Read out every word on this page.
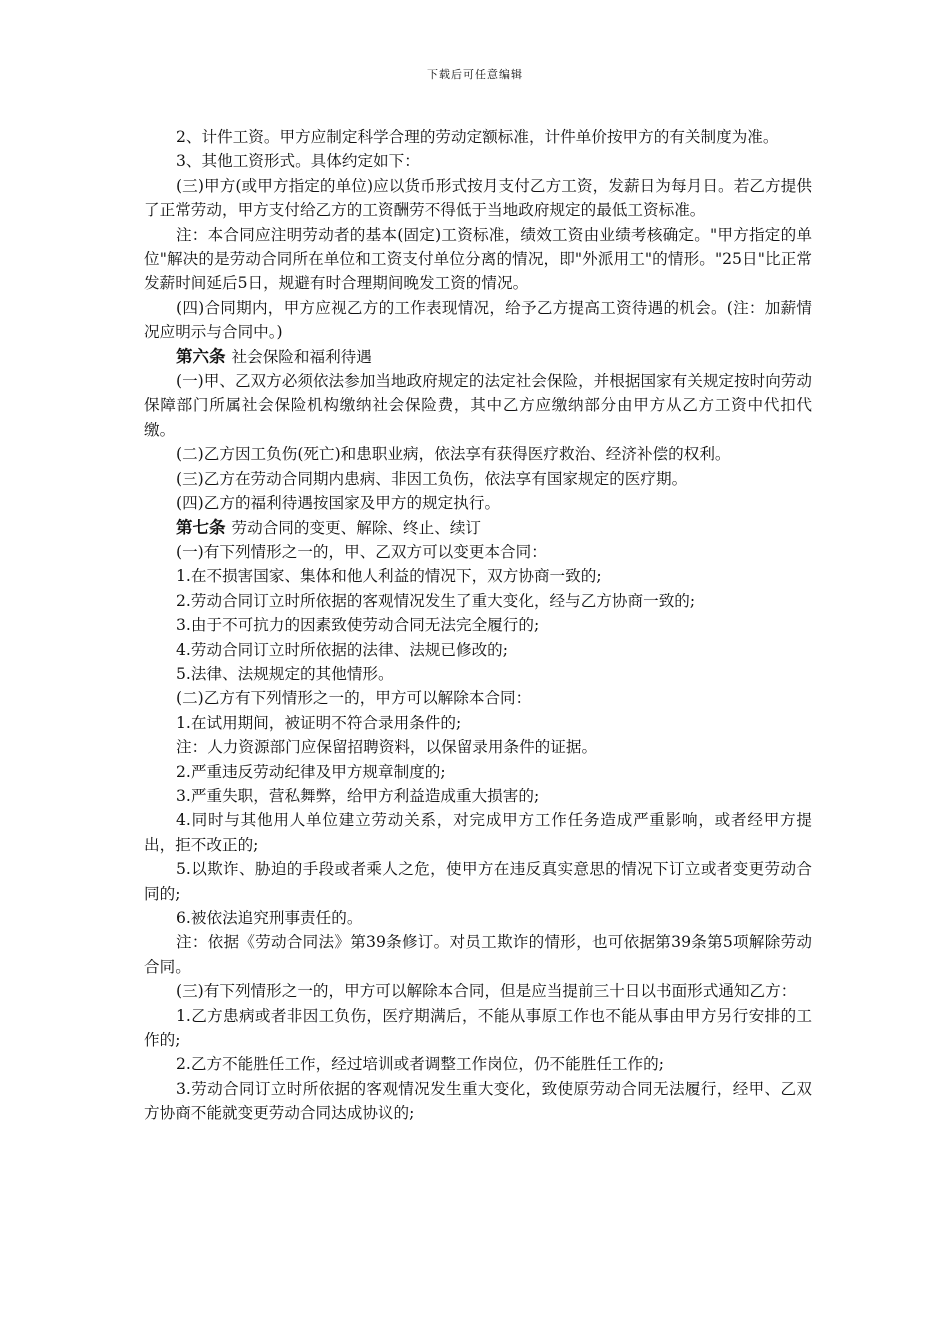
下载后可任意编辑

2、计件工资。甲方应制定科学合理的劳动定额标准，计件单价按甲方的有关制度为准。

3、其他工资形式。具体约定如下：

(三)甲方(或甲方指定的单位)应以货币形式按月支付乙方工资，发薪日为每月日。若乙方提供了正常劳动，甲方支付给乙方的工资酬劳不得低于当地政府规定的最低工资标准。

注：本合同应注明劳动者的基本(固定)工资标准，绩效工资由业绩考核确定。"甲方指定的单位"解决的是劳动合同所在单位和工资支付单位分离的情况，即"外派用工"的情形。"25日"比正常发薪时间延后5日，规避有时合理期间晚发工资的情况。

(四)合同期内，甲方应视乙方的工作表现情况，给予乙方提高工资待遇的机会。(注：加薪情况应明示与合同中。)

第六条 社会保险和福利待遇

(一)甲、乙双方必须依法参加当地政府规定的法定社会保险，并根据国家有关规定按时向劳动保障部门所属社会保险机构缴纳社会保险费，其中乙方应缴纳部分由甲方从乙方工资中代扣代缴。

(二)乙方因工负伤(死亡)和患职业病，依法享有获得医疗救治、经济补偿的权利。

(三)乙方在劳动合同期内患病、非因工负伤，依法享有国家规定的医疗期。

(四)乙方的福利待遇按国家及甲方的规定执行。

第七条 劳动合同的变更、解除、终止、续订

(一)有下列情形之一的，甲、乙双方可以变更本合同：

1.在不损害国家、集体和他人利益的情况下，双方协商一致的;

2.劳动合同订立时所依据的客观情况发生了重大变化，经与乙方协商一致的;

3.由于不可抗力的因素致使劳动合同无法完全履行的;

4.劳动合同订立时所依据的法律、法规已修改的;

5.法律、法规规定的其他情形。

(二)乙方有下列情形之一的，甲方可以解除本合同：

1.在试用期间，被证明不符合录用条件的;

注：人力资源部门应保留招聘资料，以保留录用条件的证据。

2.严重违反劳动纪律及甲方规章制度的;

3.严重失职，营私舞弊，给甲方利益造成重大损害的;

4.同时与其他用人单位建立劳动关系，对完成甲方工作任务造成严重影响，或者经甲方提出，拒不改正的;

5.以欺诈、胁迫的手段或者乘人之危，使甲方在违反真实意思的情况下订立或者变更劳动合同的;

6.被依法追究刑事责任的。

注：依据《劳动合同法》第39条修订。对员工欺诈的情形，也可依据第39条第5项解除劳动合同。

(三)有下列情形之一的，甲方可以解除本合同，但是应当提前三十日以书面形式通知乙方：

1.乙方患病或者非因工负伤，医疗期满后，不能从事原工作也不能从事由甲方另行安排的工作的;

2.乙方不能胜任工作，经过培训或者调整工作岗位，仍不能胜任工作的;

3.劳动合同订立时所依据的客观情况发生重大变化，致使原劳动合同无法履行，经甲、乙双方协商不能就变更劳动合同达成协议的;
